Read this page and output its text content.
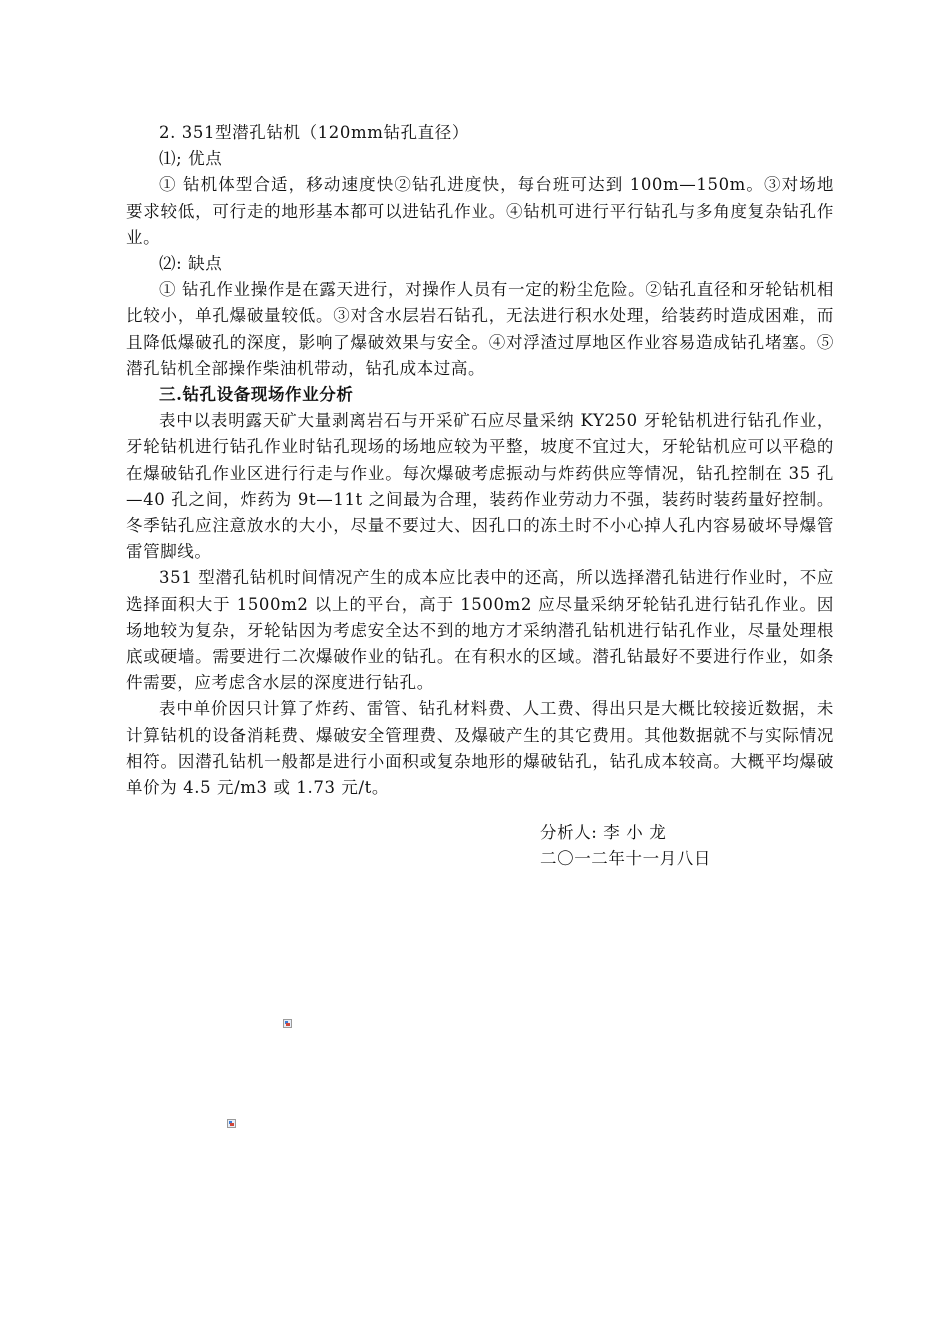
2. 351型潜孔钻机（120mm钻孔直径）

⑴; 优点

① 钻机体型合适，移动速度快②钻孔进度快，每台班可达到 100m—150m。③对场地要求较低，可行走的地形基本都可以进钻孔作业。④钻机可进行平行钻孔与多角度复杂钻孔作业。

⑵: 缺点

① 钻孔作业操作是在露天进行，对操作人员有一定的粉尘危险。②钻孔直径和牙轮钻机相比较小，单孔爆破量较低。③对含水层岩石钻孔，无法进行积水处理，给装药时造成困难，而且降低爆破孔的深度，影响了爆破效果与安全。④对浮渣过厚地区作业容易造成钻孔堵塞。⑤潜孔钻机全部操作柴油机带动，钻孔成本过高。

三.钻孔设备现场作业分析

表中以表明露天矿大量剥离岩石与开采矿石应尽量采纳 KY250 牙轮钻机进行钻孔作业，牙轮钻机进行钻孔作业时钻孔现场的场地应较为平整，坡度不宜过大，牙轮钻机应可以平稳的在爆破钻孔作业区进行行走与作业。每次爆破考虑振动与炸药供应等情况，钻孔控制在 35 孔—40 孔之间，炸药为 9t—11t 之间最为合理，装药作业劳动力不强，装药时装药量好控制。冬季钻孔应注意放水的大小，尽量不要过大、因孔口的冻土时不小心掉人孔内容易破坏导爆管雷管脚线。

351 型潜孔钻机时间情况产生的成本应比表中的还高，所以选择潜孔钻进行作业时，不应选择面积大于 1500m2 以上的平台，高于 1500m2 应尽量采纳牙轮钻孔进行钻孔作业。因场地较为复杂，牙轮钻因为考虑安全达不到的地方才采纳潜孔钻机进行钻孔作业，尽量处理根底或硬墙。需要进行二次爆破作业的钻孔。在有积水的区域。潜孔钻最好不要进行作业，如条件需要，应考虑含水层的深度进行钻孔。

表中单价因只计算了炸药、雷管、钻孔材料费、人工费、得出只是大概比较接近数据，未计算钻机的设备消耗费、爆破安全管理费、及爆破产生的其它费用。其他数据就不与实际情况相符。因潜孔钻机一般都是进行小面积或复杂地形的爆破钻孔，钻孔成本较高。大概平均爆破单价为 4.5 元/m3 或 1.73 元/t。

分析人: 李 小 龙
二〇一二年十一月八日
